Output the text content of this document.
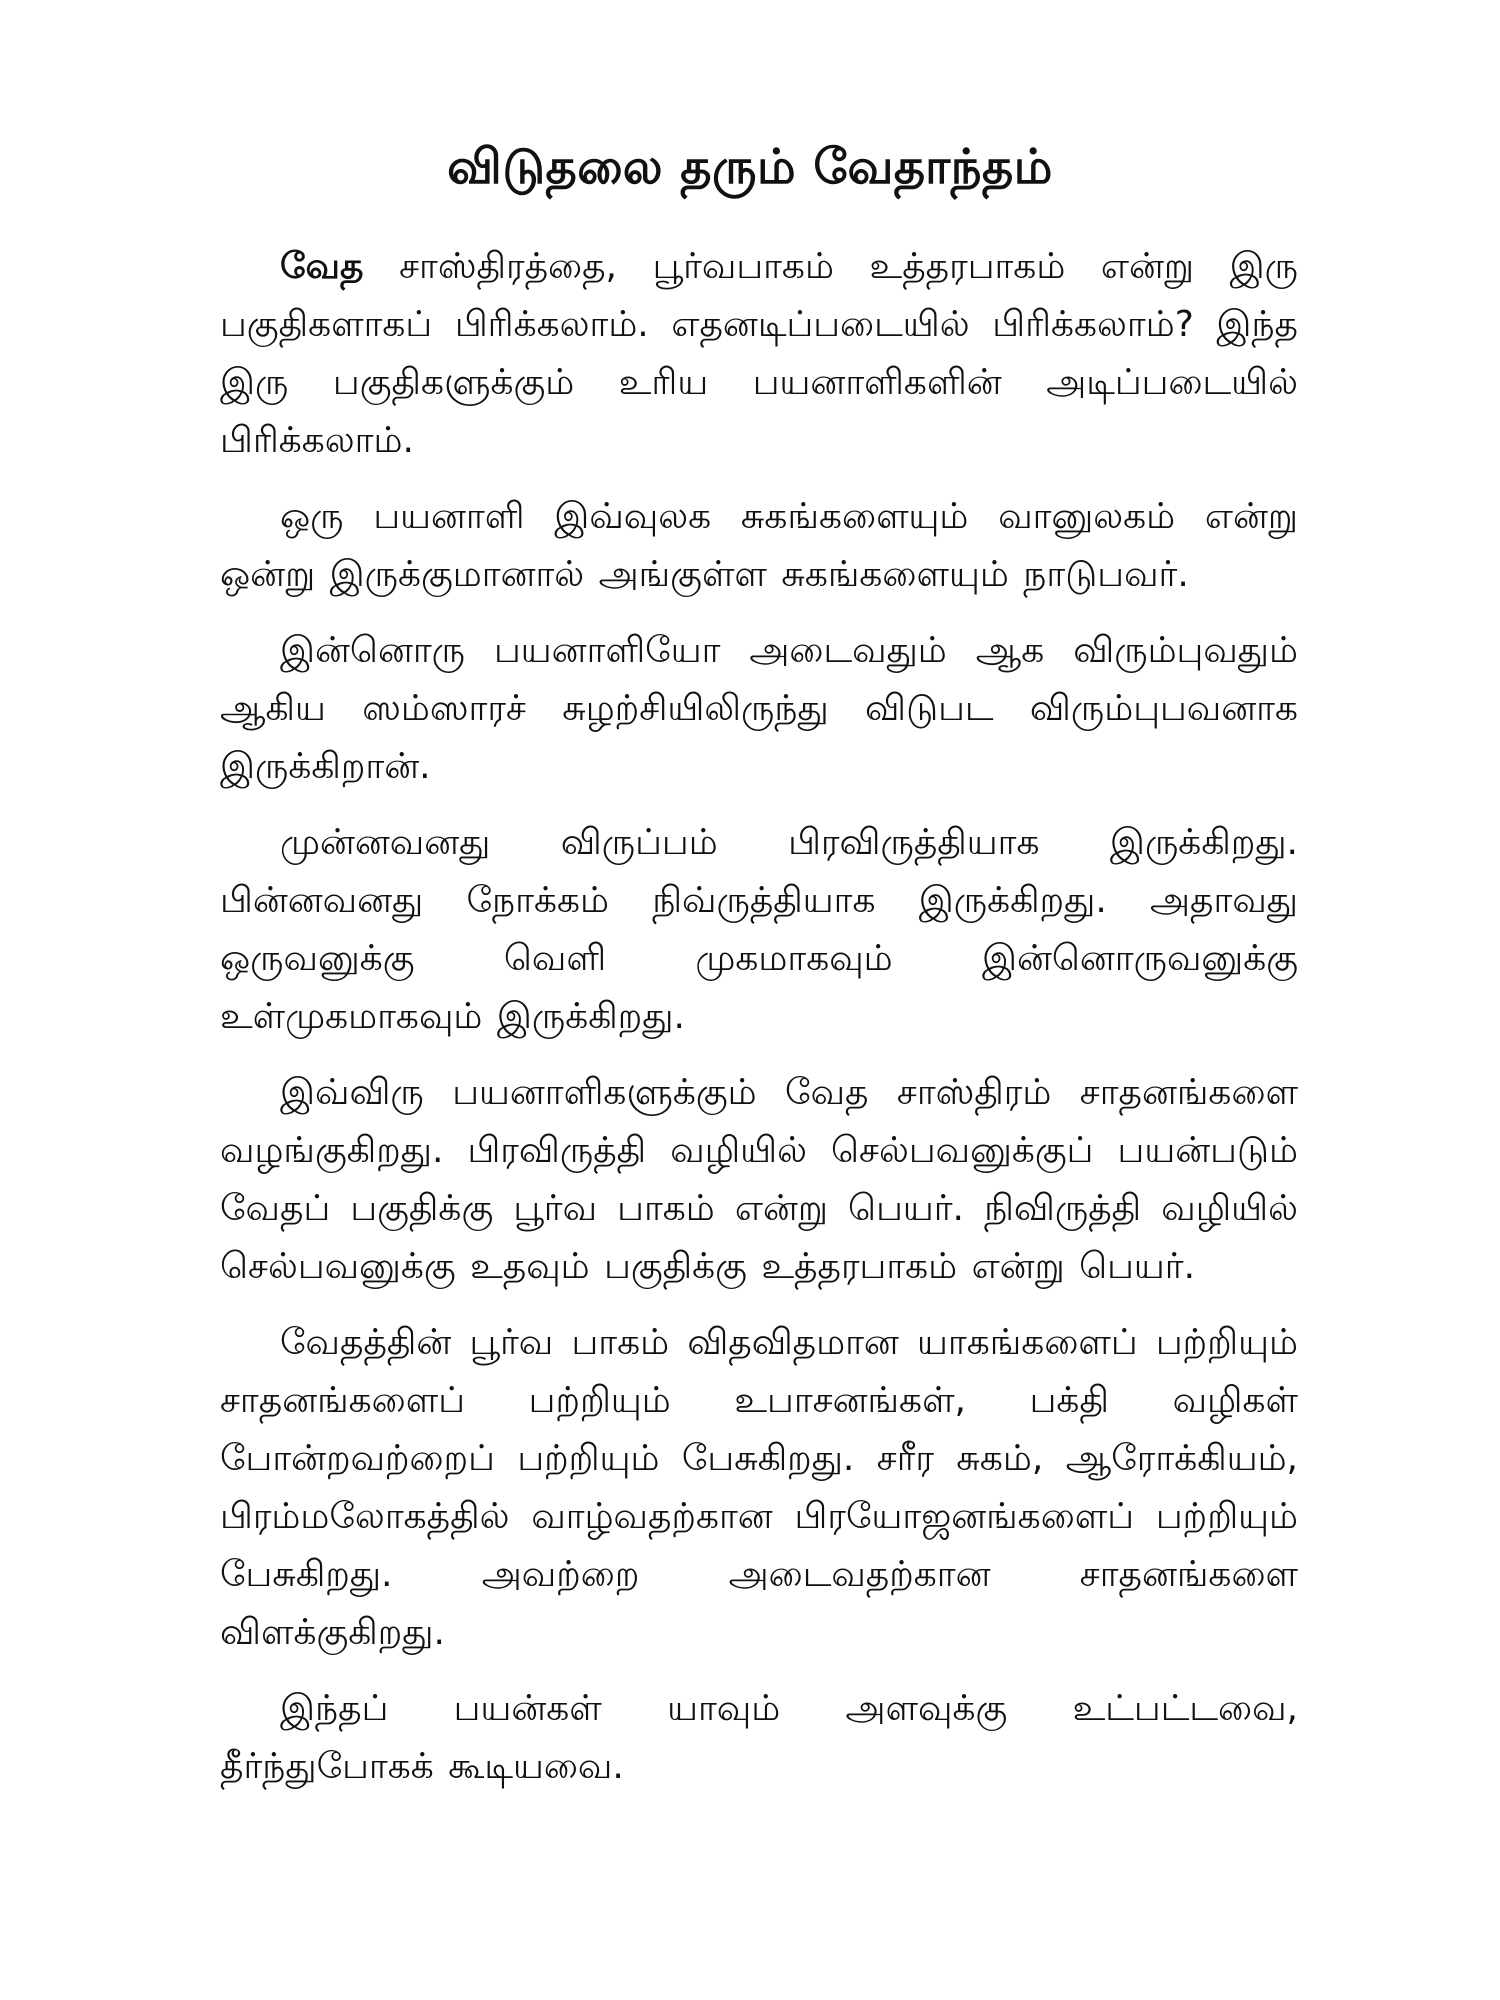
விடுதலை தரும் வேதாந்தம்

வேத சாஸ்திரத்தை, பூர்வபாகம் உத்தரபாகம் என்று இரு பகுதிகளாகப் பிரிக்கலாம். எதனடிப்படையில் பிரிக்கலாம்? இந்த இரு பகுதிகளுக்கும் உரிய பயனாளிகளின் அடிப்படையில் பிரிக்கலாம்.

ஒரு பயனாளி இவ்வுலக சுகங்களையும் வானுலகம் என்று ஒன்று இருக்குமானால் அங்குள்ள சுகங்களையும் நாடுபவர்.

இன்னொரு பயனாளியோ அடைவதும் ஆக விரும்புவதும் ஆகிய ஸம்ஸாரச் சுழற்சியிலிருந்து விடுபட விரும்புபவனாக இருக்கிறான்.

முன்னவனது விருப்பம் பிரவிருத்தியாக இருக்கிறது. பின்னவனது நோக்கம் நிவ்ருத்தியாக இருக்கிறது. அதாவது ஒருவனுக்கு வெளி முகமாகவும் இன்னொருவனுக்கு உள்முகமாகவும் இருக்கிறது.

இவ்விரு பயனாளிகளுக்கும் வேத சாஸ்திரம் சாதனங்களை வழங்குகிறது. பிரவிருத்தி வழியில் செல்பவனுக்குப் பயன்படும் வேதப் பகுதிக்கு பூர்வ பாகம் என்று பெயர். நிவிருத்தி வழியில் செல்பவனுக்கு உதவும் பகுதிக்கு உத்தரபாகம் என்று பெயர்.

வேதத்தின் பூர்வ பாகம் விதவிதமான யாகங்களைப் பற்றியும் சாதனங்களைப் பற்றியும் உபாசனங்கள், பக்தி வழிகள் போன்றவற்றைப் பற்றியும் பேசுகிறது. சரீர சுகம், ஆரோக்கியம், பிரம்மலோகத்தில் வாழ்வதற்கான பிரயோஜனங்களைப் பற்றியும் பேசுகிறது. அவற்றை அடைவதற்கான சாதனங்களை விளக்குகிறது.

இந்தப் பயன்கள் யாவும் அளவுக்கு உட்பட்டவை, தீர்ந்துபோகக் கூடியவை.
